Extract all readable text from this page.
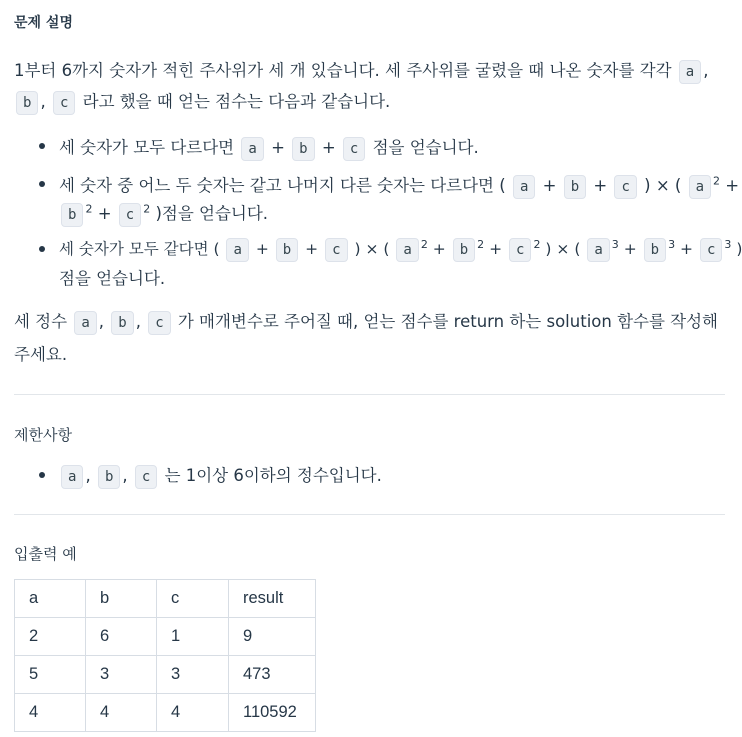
문제 설명
1부터 6까지 숫자가 적힌 주사위가 세 개 있습니다. 세 주사위를 굴렸을 때 나온 숫자를 각각 a ,
b , c 라고 했을 때 얻는 점수는 다음과 같습니다.
세 숫자가 모두 다르다면 a + b + c 점을 얻습니다.
세 숫자 중 어느 두 숫자는 같고 나머지 다른 숫자는 다르다면 ( a + b + c ) × ( a $^2$ +
b $^2$ + c $^2$ )점을 얻습니다.
세 숫자가 모두 같다면 ( a + b + c ) × ( a $^2$ + b $^2$ + c $^2$ ) × ( a $^3$ + b $^3$ + c $^3$ )
점을 얻습니다.
세 정수 a , b , c 가 매개변수로 주어질 때, 얻는 점수를 return 하는 solution 함수를 작성해
주세요.
제한사항
a , b , c 는 1이상 6이하의 정수입니다.
입출력 예
a	b	c	result
2	6	1	9
5	3	3	473
4	4	4	110592
